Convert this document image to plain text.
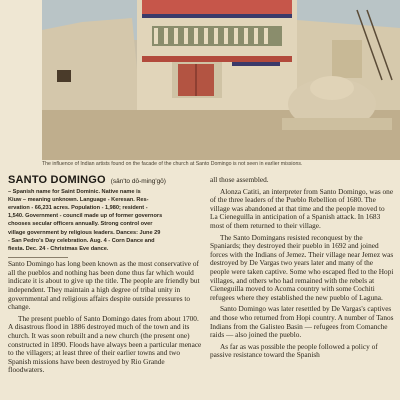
The influence of Indian artists found on the facade of the church at Santo Domingo is not seen in earlier missions.
SANTO DOMINGO (sän'to dō-ming'gō)

– Spanish name for Saint Dominic. Native name is

Kiuw – meaning unknown. Language - Keresan. Res-

ervation - 66,231 acres. Population - 1,980; resident -

1,540. Government - council made up of former governors

chooses secular officers annually. Strong control over

village government by religious leaders. Dances: June 29

- San Pedro's Day celebration. Aug. 4 - Corn Dance and

fiesta. Dec. 24 - Christmas Eve dance.

Santo Domingo has long been known as the most conservative of all the pueblos and nothing has been done thus far which would indicate it is about to give up the title. The people are friendly but independent. They maintain a high degree of tribal unity in governmental and religious affairs despite outside pressures to change.

The present pueblo of Santo Domingo dates from about 1700. A disastrous flood in 1886 destroyed much of the town and its church. It was soon rebuilt and a new church (the present one) constructed in 1890. Floods have always been a particular menace to the villagers; at least three of their earlier towns and two Spanish missions have been destroyed by Rio Grande floodwaters.

all those assembled.

Alonza Catiti, an interpreter from Santo Domingo, was one of the three leaders of the Pueblo Rebellion of 1680. The village was abandoned at that time and the people moved to La Cieneguilla in anticipation of a Spanish attack. In 1683 most of them returned to their village.

The Santo Domingans resisted reconquest by the Spaniards; they destroyed their pueblo in 1692 and joined forces with the Indians of Jemez. Their village near Jemez was destroyed by De Vargas two years later and many of the people were taken captive. Some who escaped fled to the Hopi villages, and others who had remained with the rebels at Cieneguilla moved to Acoma country with some Cochiti refugees where they established the new pueblo of Laguna.

Santo Domingo was later resettled by De Vargas's captives and those who returned from Hopi country. A number of Tanos Indians from the Galisteo Basin — refugees from Comanche raids — also joined the pueblo.

As far as was possible the people followed a policy of passive resistance toward the Spanish
